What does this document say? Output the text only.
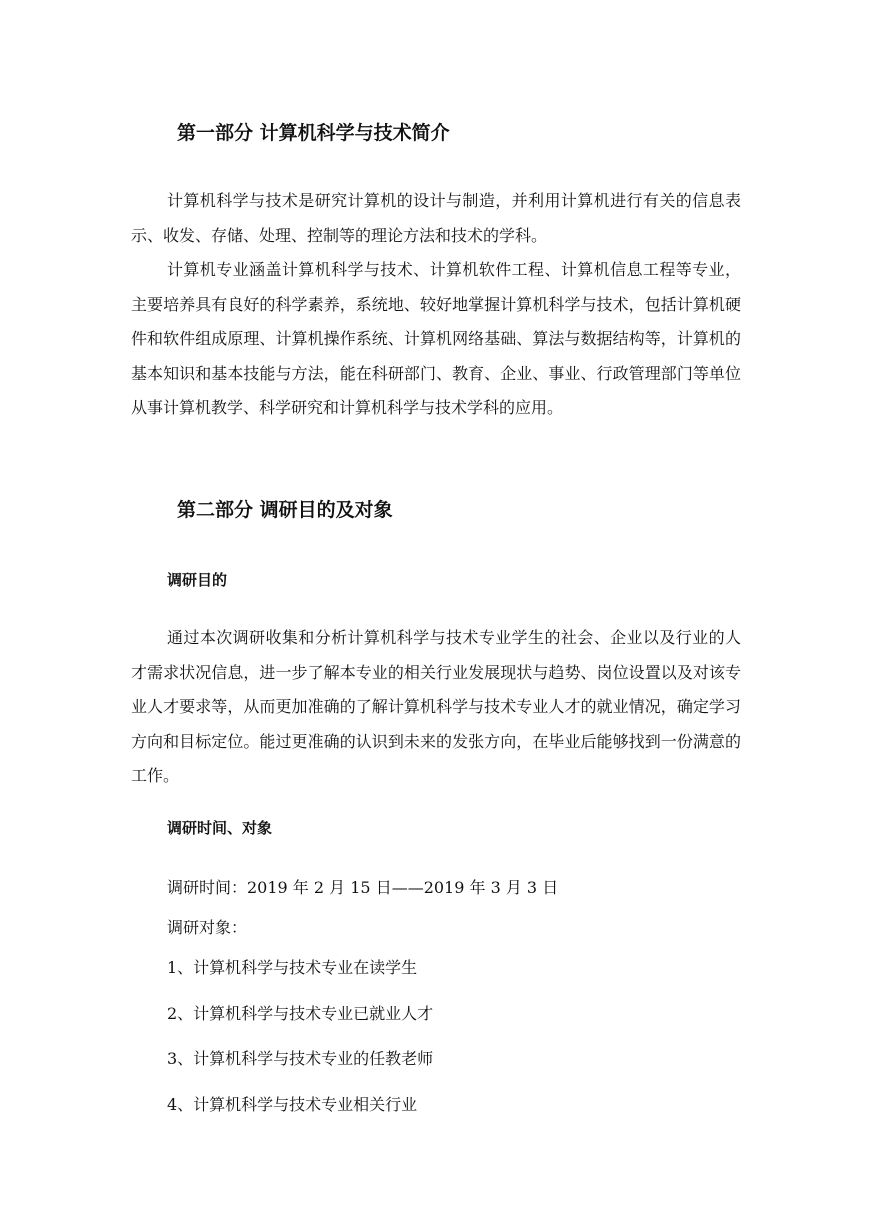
第一部分 计算机科学与技术简介

计算机科学与技术是研究计算机的设计与制造，并利用计算机进行有关的信息表示、收发、存储、处理、控制等的理论方法和技术的学科。

计算机专业涵盖计算机科学与技术、计算机软件工程、计算机信息工程等专业，主要培养具有良好的科学素养，系统地、较好地掌握计算机科学与技术，包括计算机硬件和软件组成原理、计算机操作系统、计算机网络基础、算法与数据结构等，计算机的基本知识和基本技能与方法，能在科研部门、教育、企业、事业、行政管理部门等单位从事计算机教学、科学研究和计算机科学与技术学科的应用。

第二部分 调研目的及对象
调研目的

通过本次调研收集和分析计算机科学与技术专业学生的社会、企业以及行业的人才需求状况信息，进一步了解本专业的相关行业发展现状与趋势、岗位设置以及对该专业人才要求等，从而更加准确的了解计算机科学与技术专业人才的就业情况，确定学习方向和目标定位。能过更准确的认识到未来的发张方向，在毕业后能够找到一份满意的工作。

调研时间、对象

调研时间：2019 年 2 月 15 日——2019 年 3 月 3 日

调研对象：

1、计算机科学与技术专业在读学生

2、计算机科学与技术专业已就业人才

3、计算机科学与技术专业的任教老师

4、计算机科学与技术专业相关行业
